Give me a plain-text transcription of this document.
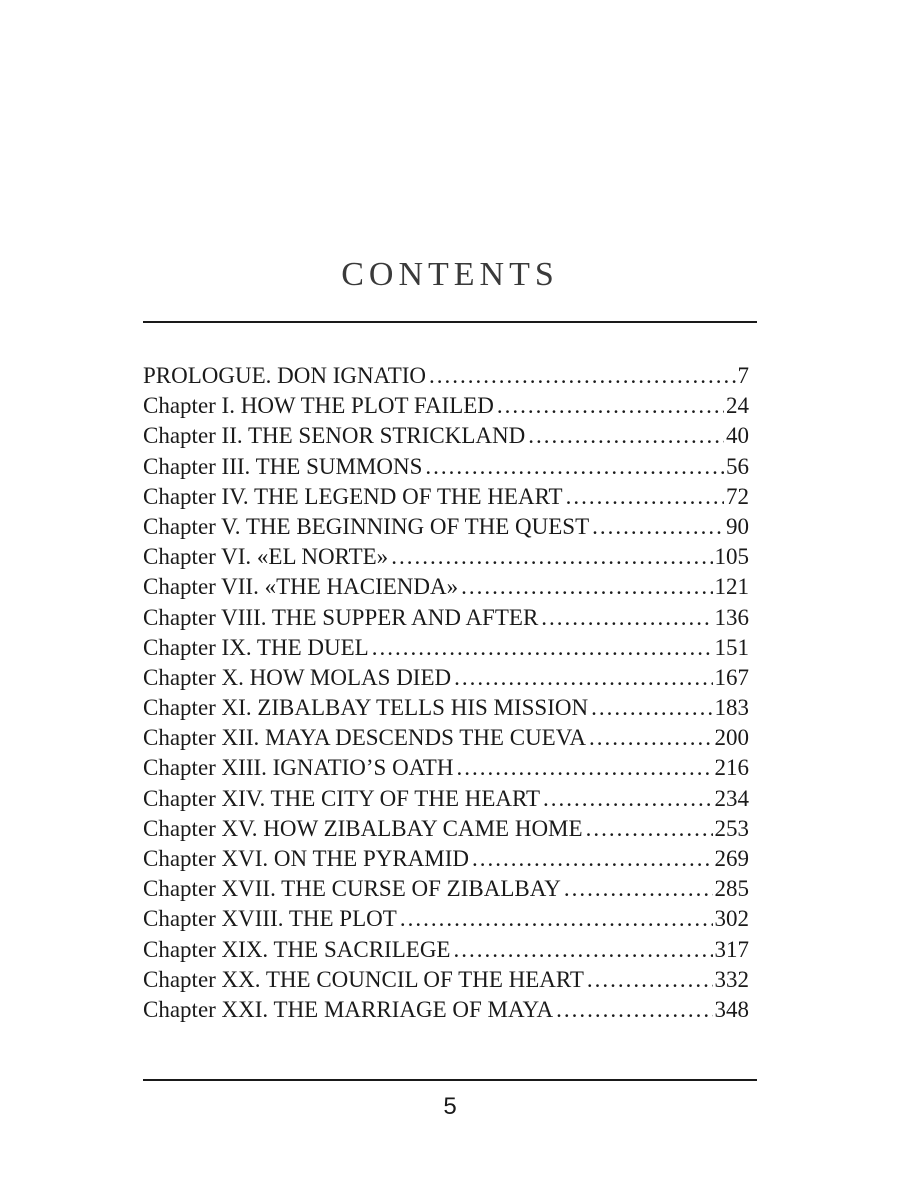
CONTENTS
PROLOGUE. DON IGNATIO .....	7
Chapter I. HOW THE PLOT FAILED .....	24
Chapter II. THE SENOR STRICKLAND .....	40
Chapter III. THE SUMMONS .....	56
Chapter IV. THE LEGEND OF THE HEART .....	72
Chapter V. THE BEGINNING OF THE QUEST .....	90
Chapter VI. «EL NORTE» .....	105
Chapter VII. «THE HACIENDA» .....	121
Chapter VIII. THE SUPPER AND AFTER .....	136
Chapter IX. THE DUEL .....	151
Chapter X. HOW MOLAS DIED .....	167
Chapter XI. ZIBALBAY TELLS HIS MISSION .....	183
Chapter XII. MAYA DESCENDS THE CUEVA .....	200
Chapter XIII. IGNATIO’S OATH .....	216
Chapter XIV. THE CITY OF THE HEART .....	234
Chapter XV. HOW ZIBALBAY CAME HOME .....	253
Chapter XVI. ON THE PYRAMID .....	269
Chapter XVII. THE CURSE OF ZIBALBAY .....	285
Chapter XVIII. THE PLOT .....	302
Chapter XIX. THE SACRILEGE .....	317
Chapter XX. THE COUNCIL OF THE HEART .....	332
Chapter XXI. THE MARRIAGE OF MAYA .....	348
5
